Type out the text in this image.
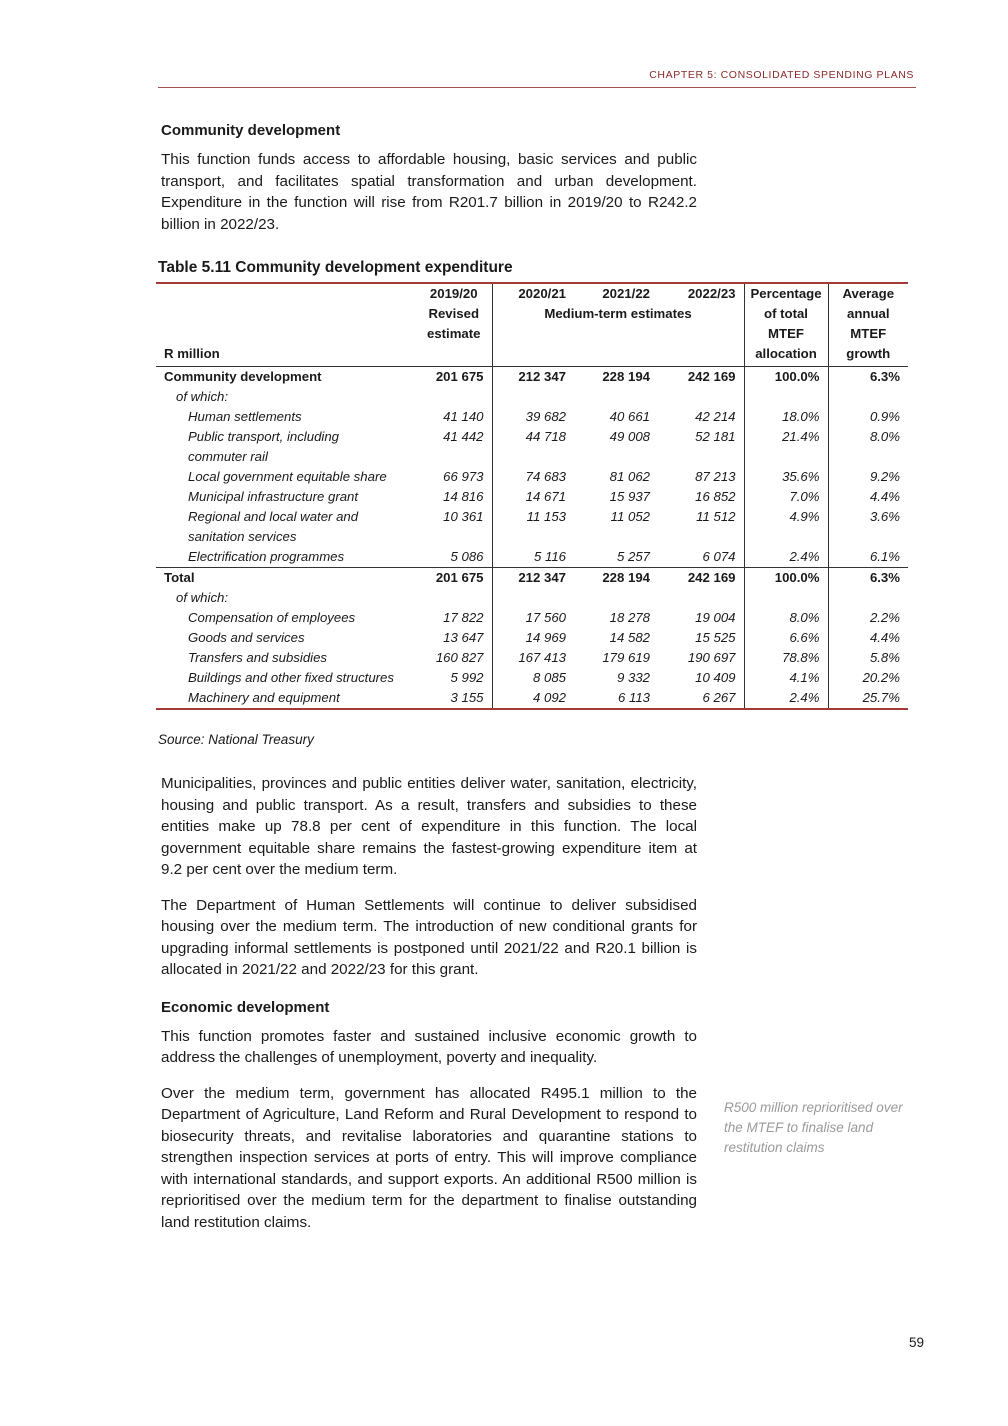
CHAPTER 5: CONSOLIDATED SPENDING PLANS

Community development

This function funds access to affordable housing, basic services and public transport, and facilitates spatial transformation and urban development. Expenditure in the function will rise from R201.7 billion in 2019/20 to R242.2 billion in 2022/23.

Table 5.11 Community development expenditure
	2019/20	2020/21	2021/22	2022/23	Percentage	Average
	Revised	Medium-term estimates			of total	annual
	estimate				MTEF	MTEF
R million					allocation	growth
Community development	201 675	212 347	228 194	242 169	100.0%	6.3%
of which:						
Human settlements	41 140	39 682	40 661	42 214	18.0%	0.9%
Public transport, including	41 442	44 718	49 008	52 181	21.4%	8.0%
commuter rail						
Local government equitable share	66 973	74 683	81 062	87 213	35.6%	9.2%
Municipal infrastructure grant	14 816	14 671	15 937	16 852	7.0%	4.4%
Regional and local water and	10 361	11 153	11 052	11 512	4.9%	3.6%
sanitation services						
Electrification programmes	5 086	5 116	5 257	6 074	2.4%	6.1%
Total	201 675	212 347	228 194	242 169	100.0%	6.3%
of which:						
Compensation of employees	17 822	17 560	18 278	19 004	8.0%	2.2%
Goods and services	13 647	14 969	14 582	15 525	6.6%	4.4%
Transfers and subsidies	160 827	167 413	179 619	190 697	78.8%	5.8%
Buildings and other fixed structures	5 992	8 085	9 332	10 409	4.1%	20.2%
Machinery and equipment	3 155	4 092	6 113	6 267	2.4%	25.7%
Source: National Treasury

Municipalities, provinces and public entities deliver water, sanitation, electricity, housing and public transport. As a result, transfers and subsidies to these entities make up 78.8 per cent of expenditure in this function. The local government equitable share remains the fastest-growing expenditure item at 9.2 per cent over the medium term.

The Department of Human Settlements will continue to deliver subsidised housing over the medium term. The introduction of new conditional grants for upgrading informal settlements is postponed until 2021/22 and R20.1 billion is allocated in 2021/22 and 2022/23 for this grant.

Economic development

This function promotes faster and sustained inclusive economic growth to address the challenges of unemployment, poverty and inequality.

Over the medium term, government has allocated R495.1 million to the Department of Agriculture, Land Reform and Rural Development to respond to biosecurity threats, and revitalise laboratories and quarantine stations to strengthen inspection services at ports of entry. This will improve compliance with international standards, and support exports. An additional R500 million is reprioritised over the medium term for the department to finalise outstanding land restitution claims.

R500 million reprioritised over the MTEF to finalise land restitution claims
59
